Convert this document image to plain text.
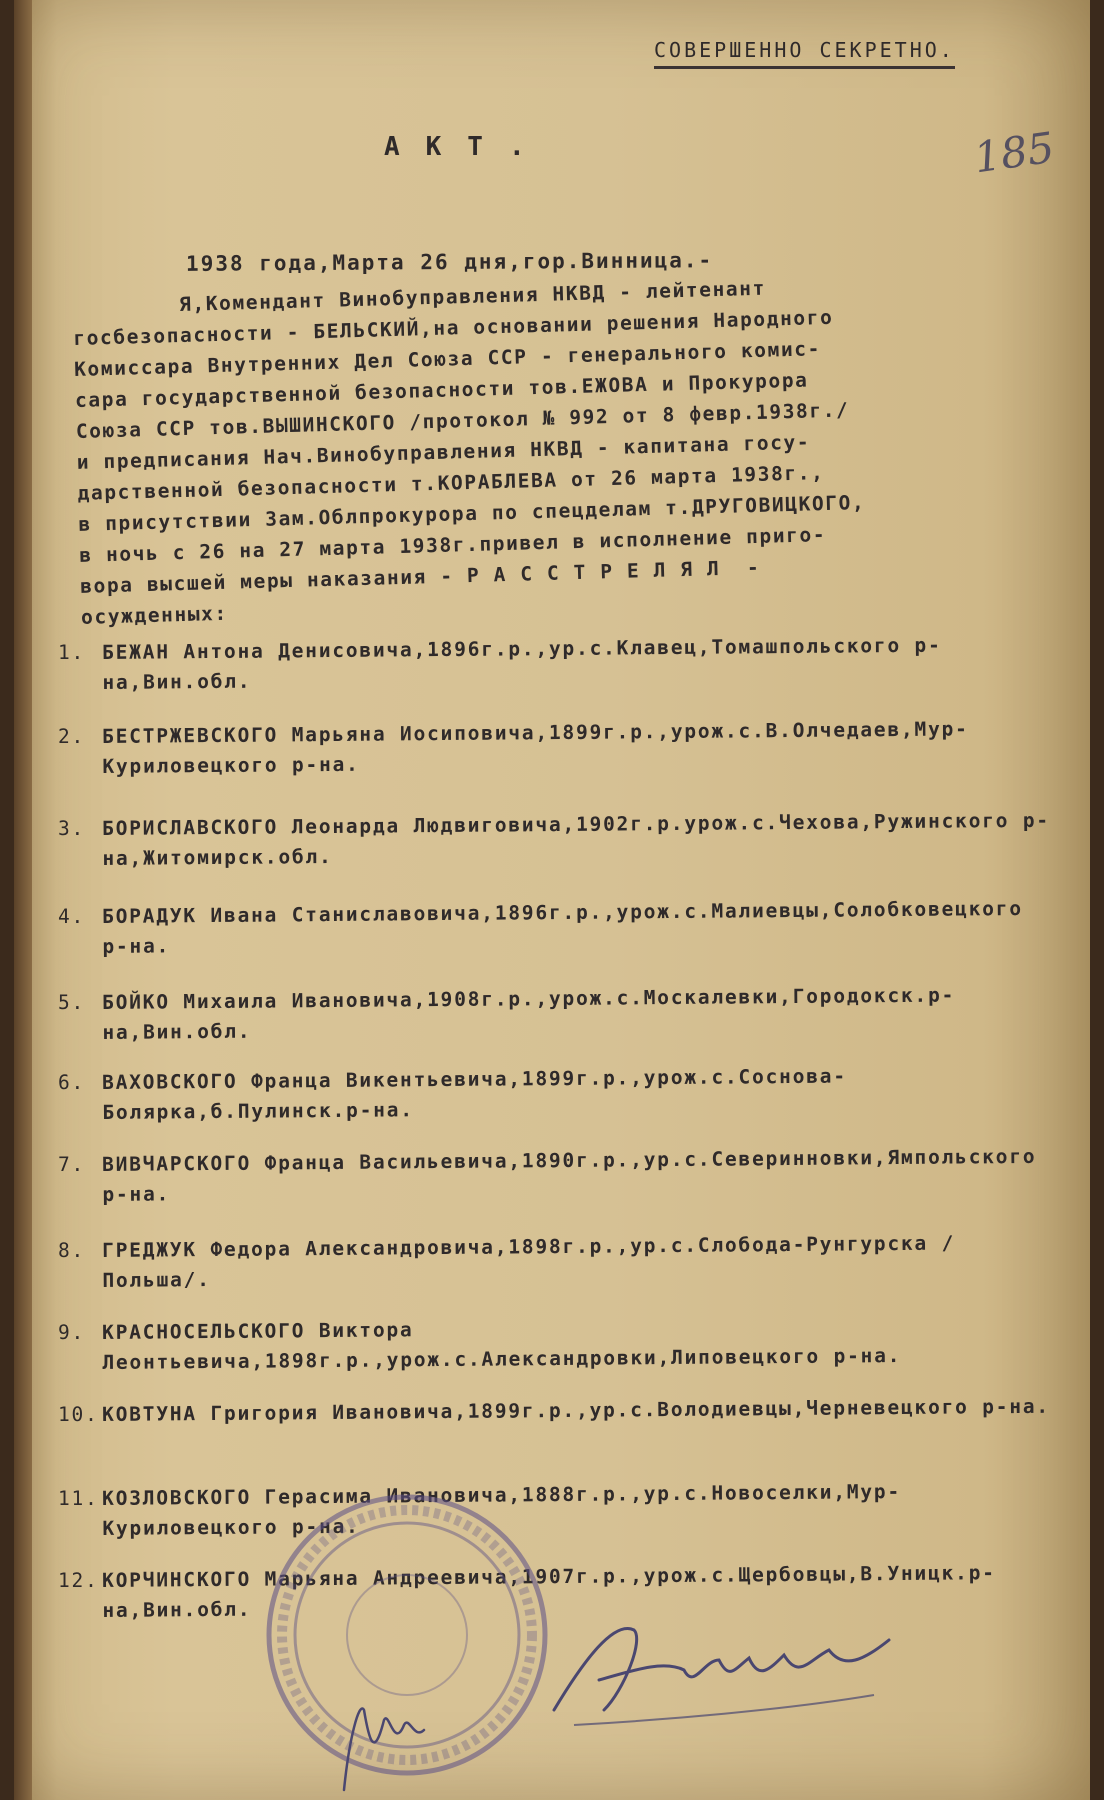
СОВЕРШЕННО СЕКРЕТНО.
185
АКТ.
1938 года,Марта 26 дня,гор.Винница.-

Я,Комендант Винобуправления НКВД - лейтенант
госбезопасности - БЕЛЬСКИЙ,на основании решения Народного
Комиссара Внутренних Дел Союза ССР - генерального комис-
сара государственной безопасности тов.ЕЖОВА и Прокурора
Союза ССР тов.ВЫШИНСКОГО /протокол № 992 от 8 февр.1938г./
и предписания Нач.Винобуправления НКВД - капитана госу-
дарственной безопасности т.КОРАБЛЕВА от 26 марта 1938г.,
в присутствии Зам.Облпрокурора по спецделам т.ДРУГОВИЦКОГО,
в ночь с 26 на 27 марта 1938г.привел в исполнение приго-
вора высшей меры наказания - Р А С С Т Р Е Л Я Л  -
осужденных:

1. БЕЖАН Антона Денисовича,1896г.р.,ур.с.Клавец,Томашпольского р-на,Вин.обл.
2. БЕСТРЖЕВСКОГО Марьяна Иосиповича,1899г.р.,урож.с.В.Олчедаев,Мур-Куриловецкого р-на.
3. БОРИСЛАВСКОГО Леонарда Людвиговича,1902г.р.урож.с.Чехова,Ружинского р-на,Житомирск.обл.
4. БОРАДУК Ивана Станиславовича,1896г.р.,урож.с.Малиевцы,Солобковецкого р-на.
5. БОЙКО Михаила Ивановича,1908г.р.,урож.с.Москалевки,Городокск.р-на,Вин.обл.
6. ВАХОВСКОГО Франца Викентьевича,1899г.р.,урож.с.Соснова-Болярка,б.Пулинск.р-на.
7. ВИВЧАРСКОГО Франца Васильевича,1890г.р.,ур.с.Северинновки,Ямпольского р-на.
8. ГРЕДЖУК Федора Александровича,1898г.р.,ур.с.Слобода-Рунгурска /Польша/.
9. КРАСНОСЕЛЬСКОГО Виктора Леонтьевича,1898г.р.,урож.с.Александровки,Липовецкого р-на.
10. КОВТУНА Григория Ивановича,1899г.р.,ур.с.Володиевцы,Черневецкого р-на.
11. КОЗЛОВСКОГО Герасима Ивановича,1888г.р.,ур.с.Новоселки,Мур-Куриловецкого р-на.
12. КОРЧИНСКОГО Марьяна Андреевича,1907г.р.,урож.с.Щербовцы,В.Уницк.р-на,Вин.обл.
